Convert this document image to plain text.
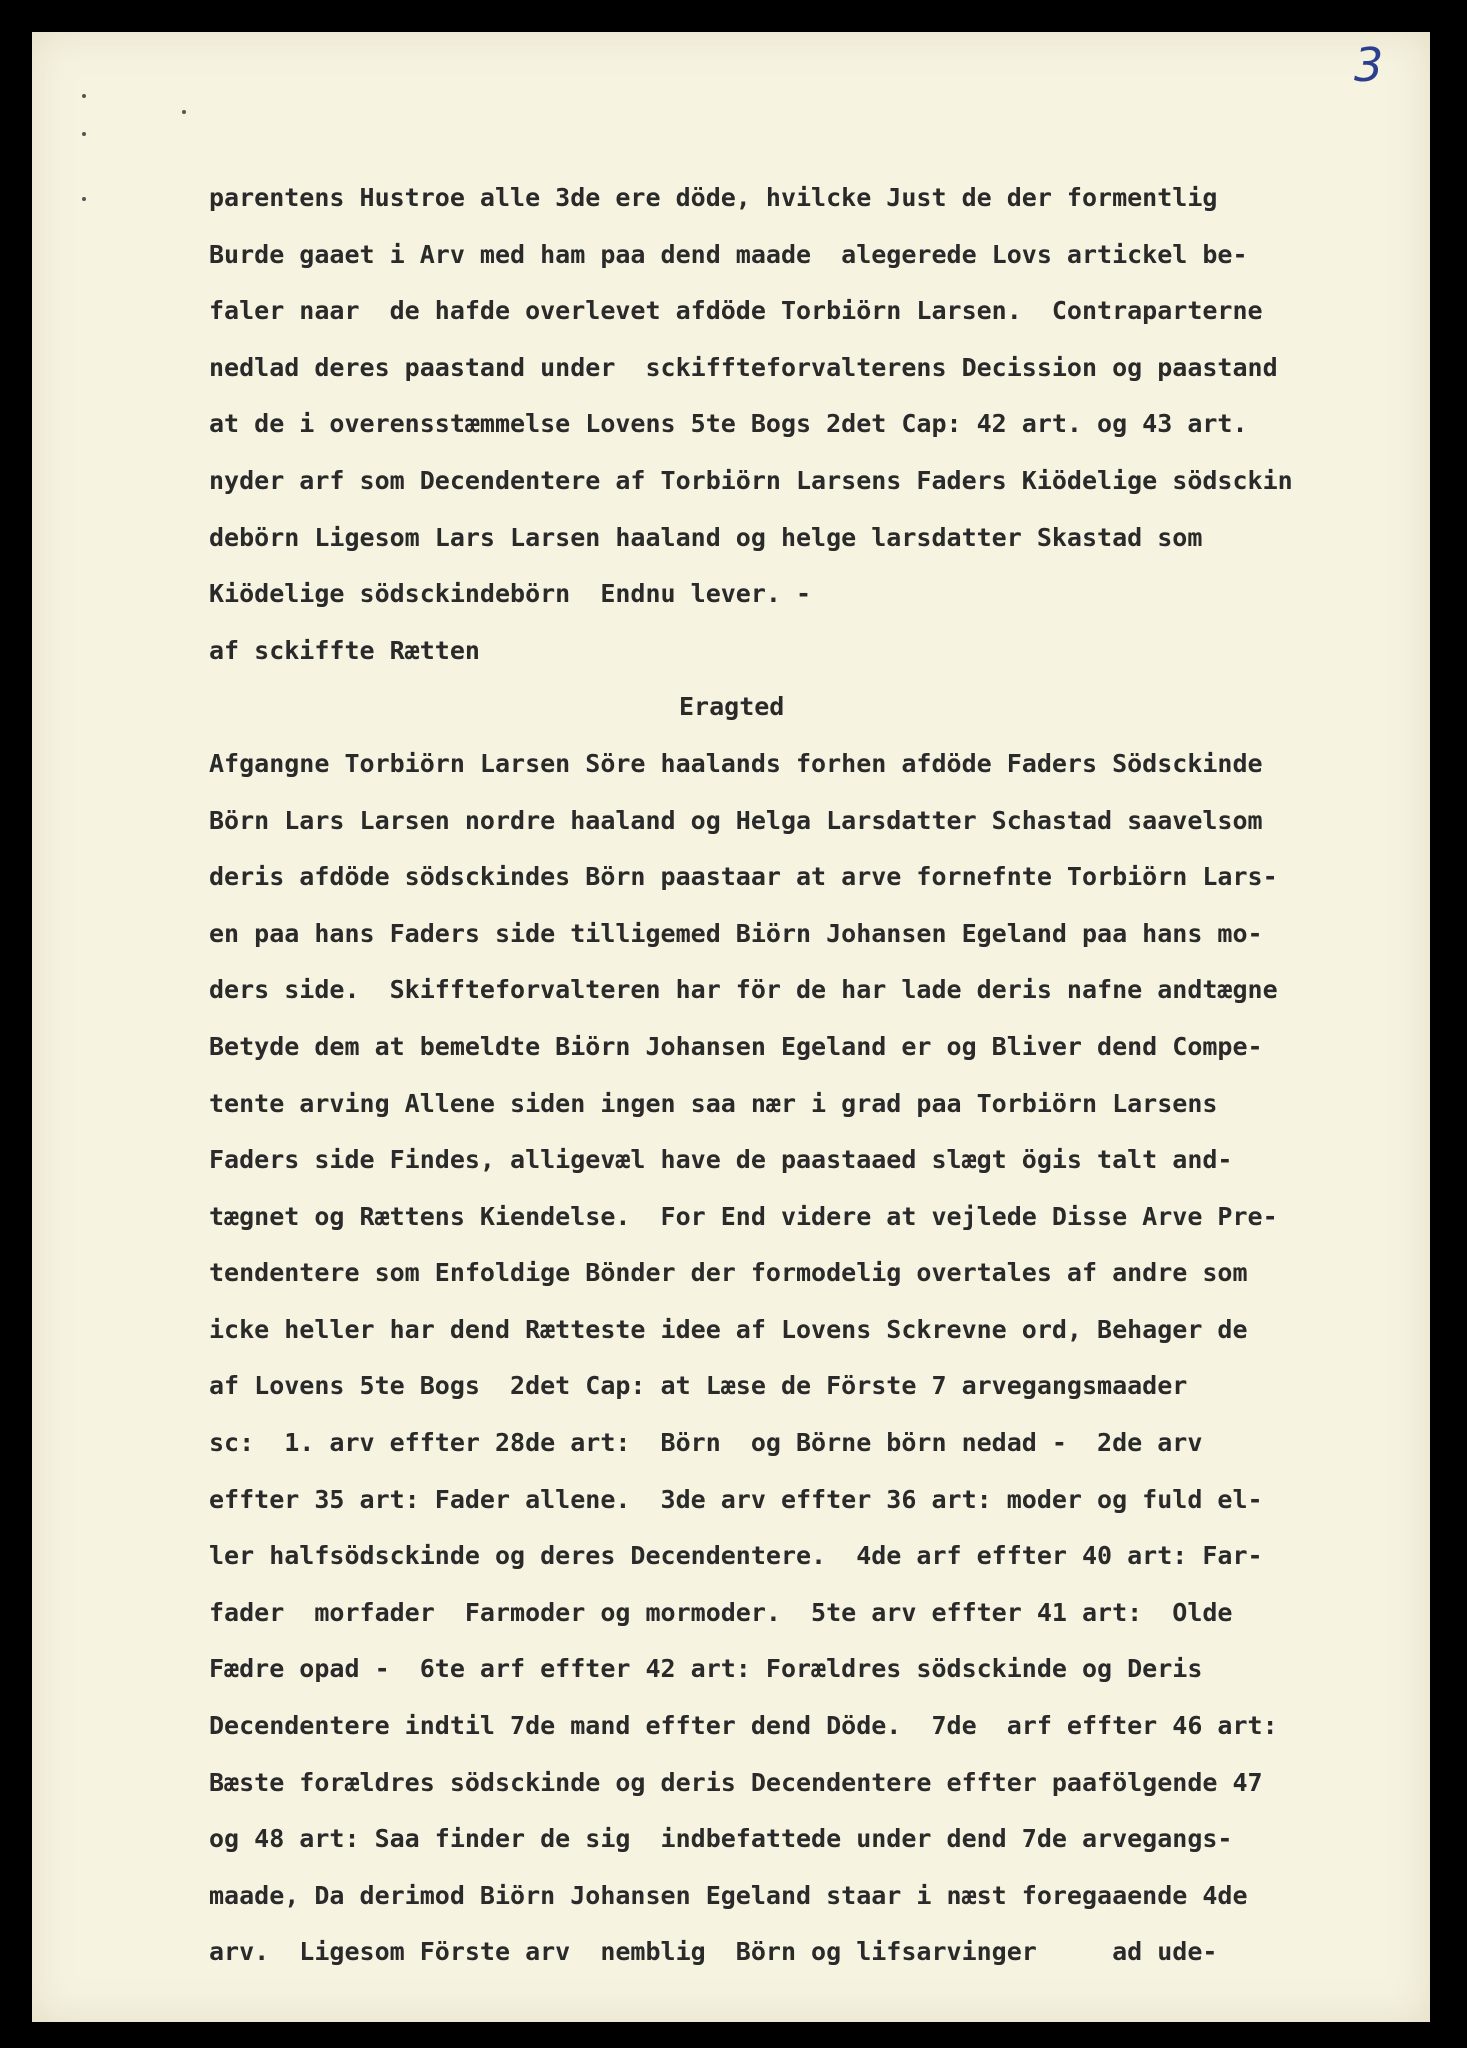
3
parentens Hustroe alle 3de ere döde, hvilcke Just de der formentlig
Burde gaaet i Arv med ham paa dend maade  alegerede Lovs artickel be-
faler naar  de hafde overlevet afdöde Torbiörn Larsen.  Contraparterne
nedlad deres paastand under  sckiffteforvalterens Decission og paastand
at de i overensstæmmelse Lovens 5te Bogs 2det Cap: 42 art. og 43 art.
nyder arf som Decendentere af Torbiörn Larsens Faders Kiödelige södsckin
debörn Ligesom Lars Larsen haaland og helge larsdatter Skastad som
Kiödelige södsckindebörn  Endnu lever. -
af sckiffte Rætten
Eragted
Afgangne Torbiörn Larsen Söre haalands forhen afdöde Faders Södsckinde
Börn Lars Larsen nordre haaland og Helga Larsdatter Schastad saavelsom
deris afdöde södsckindes Börn paastaar at arve fornefnte Torbiörn Lars-
en paa hans Faders side tilligemed Biörn Johansen Egeland paa hans mo-
ders side.  Skiffteforvalteren har för de har lade deris nafne andtægne
Betyde dem at bemeldte Biörn Johansen Egeland er og Bliver dend Compe-
tente arving Allene siden ingen saa nær i grad paa Torbiörn Larsens
Faders side Findes, alligevæl have de paastaaed slægt ögis talt and-
tægnet og Rættens Kiendelse.  For End videre at vejlede Disse Arve Pre-
tendentere som Enfoldige Bönder der formodelig overtales af andre som
icke heller har dend Rætteste idee af Lovens Sckrevne ord, Behager de
af Lovens 5te Bogs  2det Cap: at Læse de Förste 7 arvegangsmaader
sc:  1. arv effter 28de art:  Börn  og Börne börn nedad -  2de arv
effter 35 art: Fader allene.  3de arv effter 36 art: moder og fuld el-
ler halfsödsckinde og deres Decendentere.  4de arf effter 40 art: Far-
fader  morfader  Farmoder og mormoder.  5te arv effter 41 art:  Olde
Fædre opad -  6te arf effter 42 art: Forældres södsckinde og Deris
Decendentere indtil 7de mand effter dend Döde.  7de  arf effter 46 art:
Bæste forældres södsckinde og deris Decendentere effter paafölgende 47
og 48 art: Saa finder de sig  indbefattede under dend 7de arvegangs-
maade, Da derimod Biörn Johansen Egeland staar i næst foregaaende 4de
arv.  Ligesom Förste arv  nemblig  Börn og lifsarvinger     ad ude-
